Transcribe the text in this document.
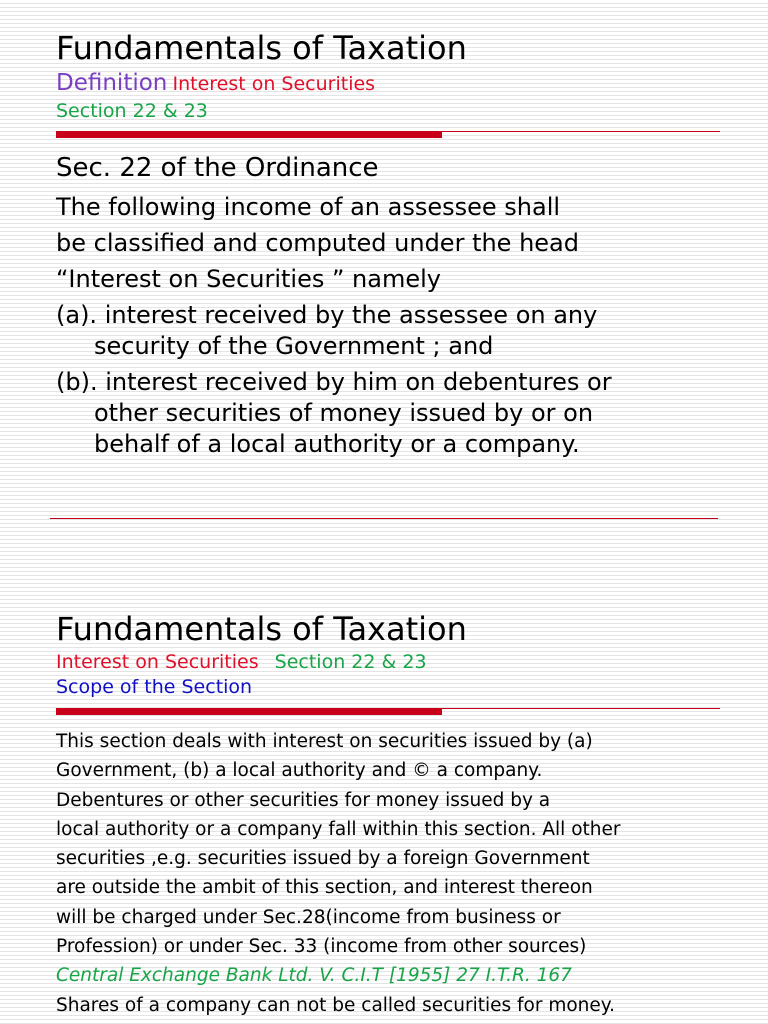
Fundamentals of Taxation
Definition Interest on Securities
Section 22 & 23
Sec. 22 of the Ordinance
The following income of an assessee shall
be classified and computed under the head
“Interest on Securities ” namely
(a). interest received by the assessee on any
security of the Government ; and
(b). interest received by him on debentures or
other securities of money issued by or on
behalf of a local authority or a company.
Fundamentals of Taxation
Interest on Securities Section 22 & 23
Scope of the Section
This section deals with interest on securities issued by (a)
Government, (b) a local authority and © a company.
Debentures or other securities for money issued by a
local authority or a company fall within this section. All other
securities ,e.g. securities issued by a foreign Government
are outside the ambit of this section, and interest thereon
will be charged under Sec.28(income from business or
Profession) or under Sec. 33 (income from other sources)
Central Exchange Bank Ltd. V. C.I.T [1955] 27 I.T.R. 167
Shares of a company can not be called securities for money.
